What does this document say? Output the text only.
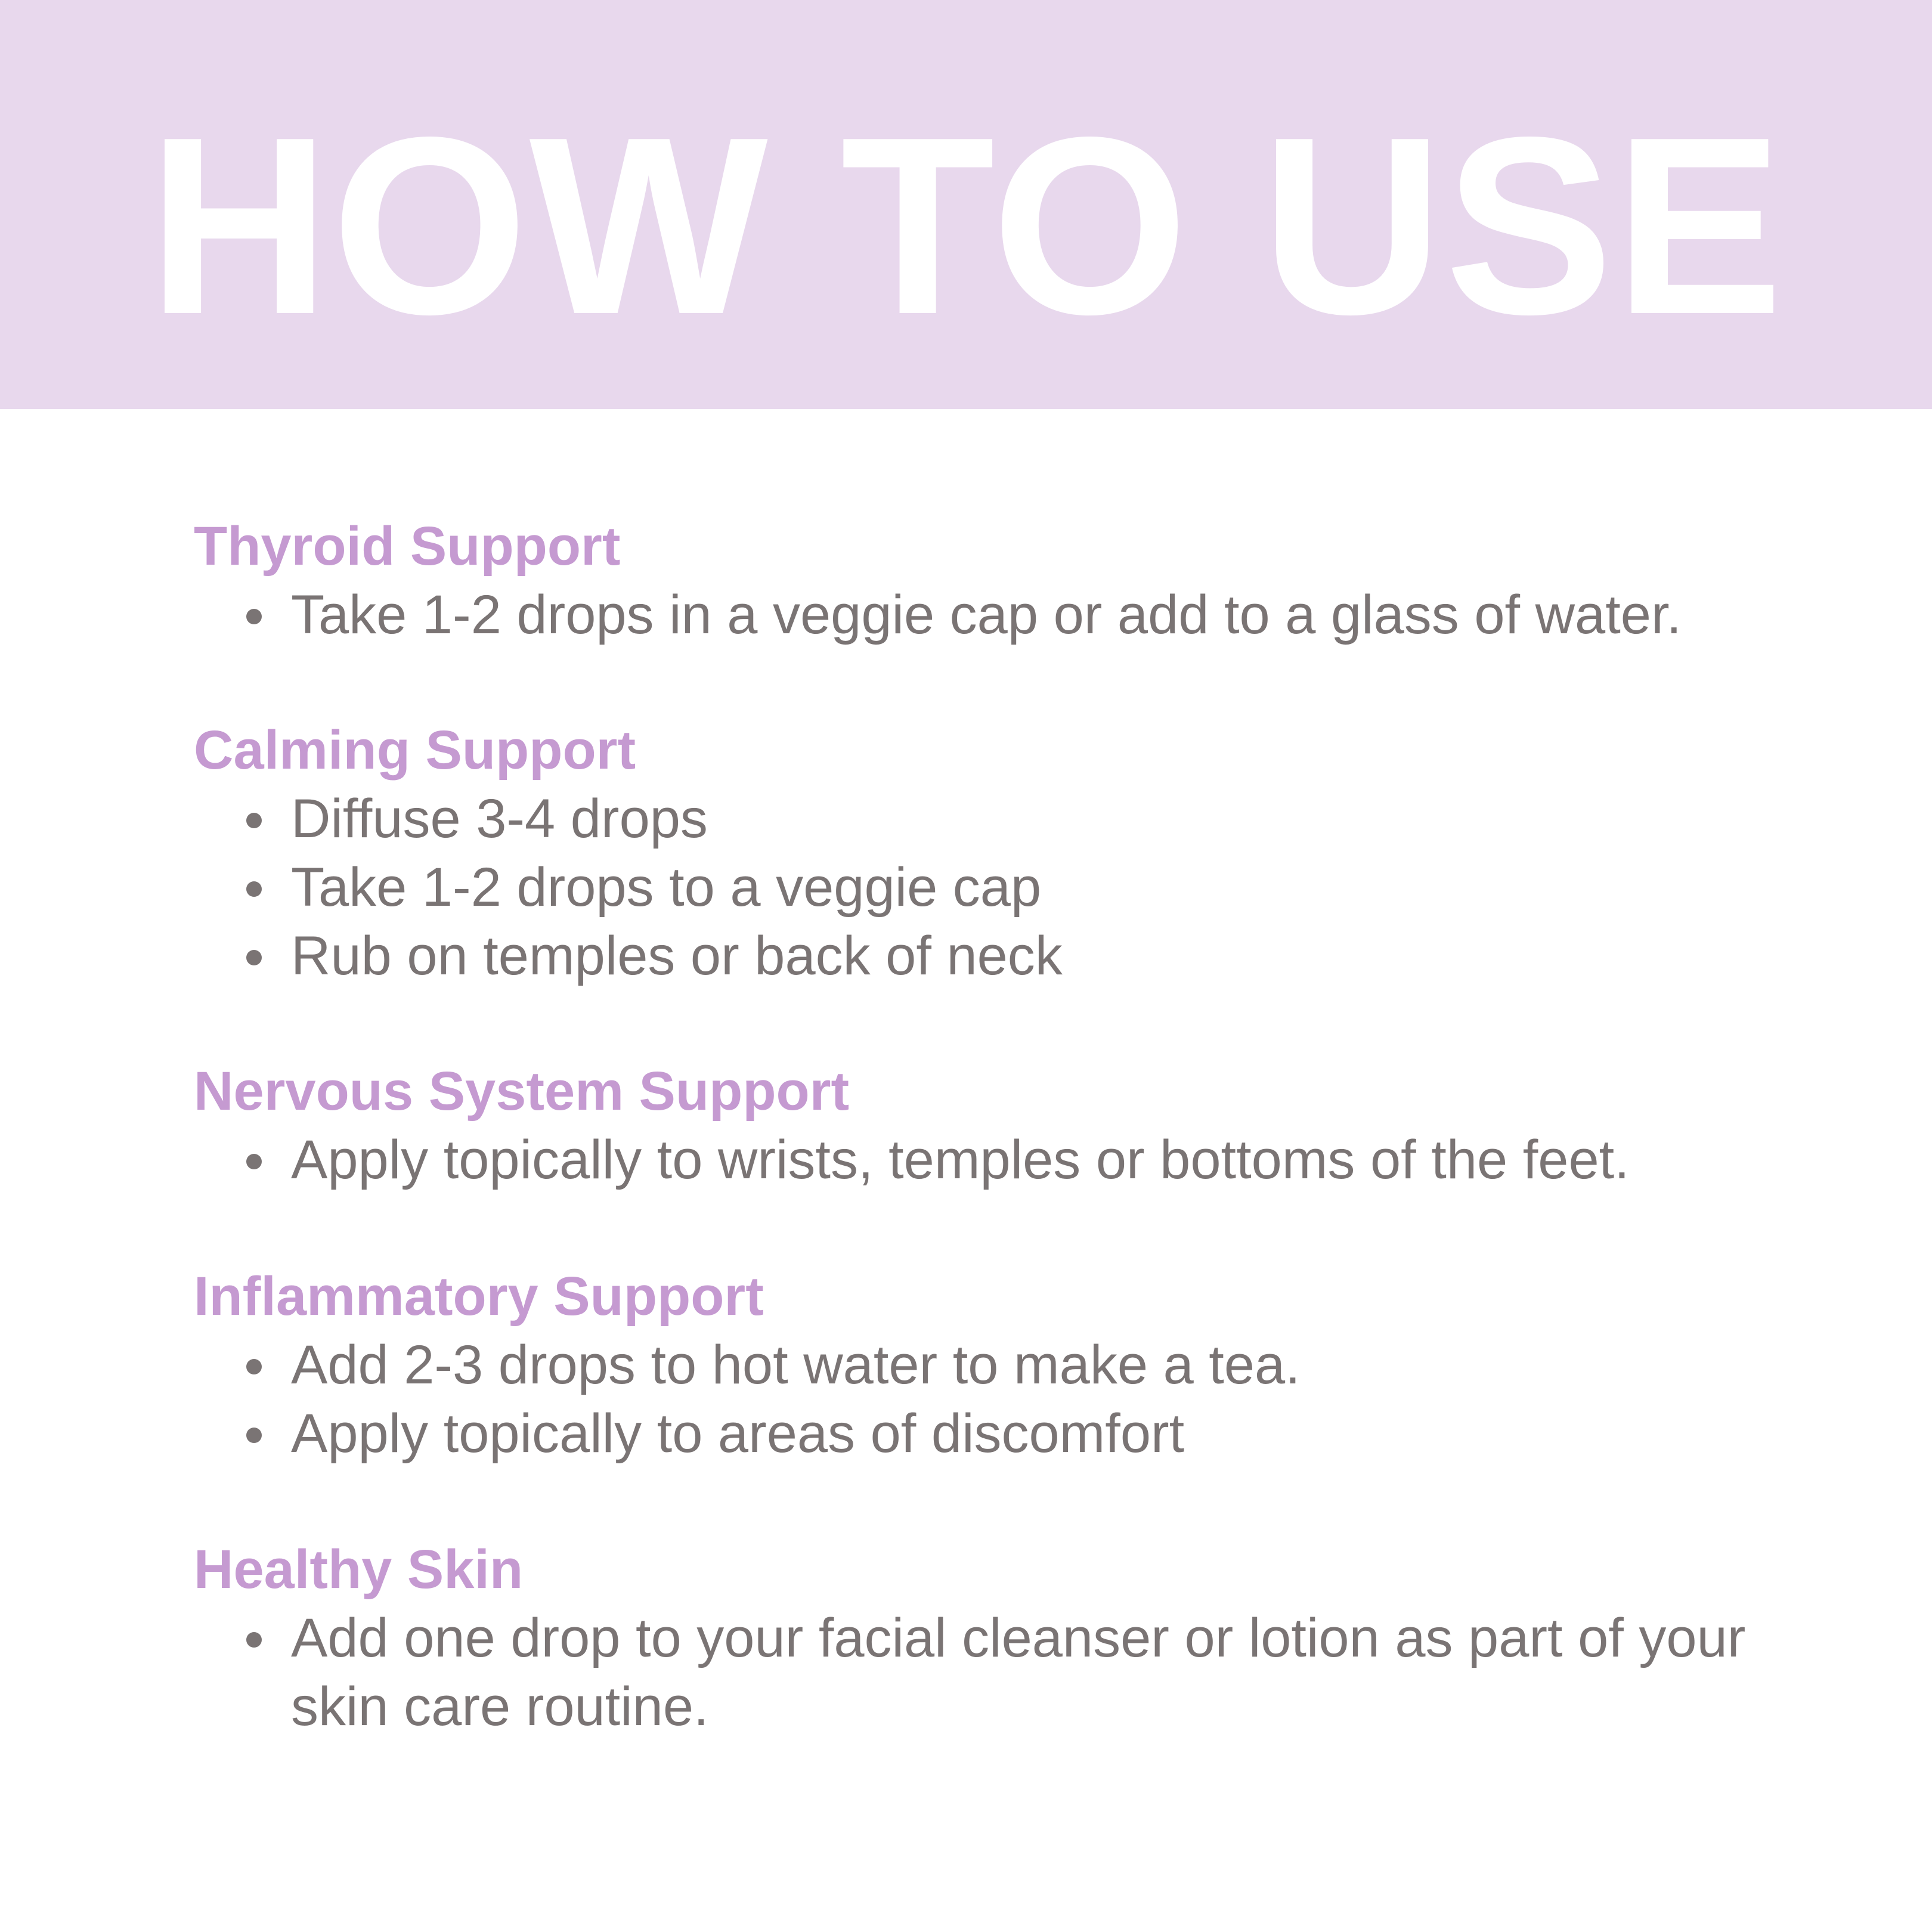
HOW TO USE
Thyroid Support
Take 1-2 drops in a veggie cap or add to a glass of water.
Calming Support
Diffuse 3-4 drops
Take 1-2 drops to a veggie cap
Rub on temples or back of neck
Nervous System Support
Apply topically to wrists, temples or bottoms of the feet.
Inflammatory Support
Add 2-3 drops to hot water to make a tea.
Apply topically to areas of discomfort
Healthy Skin
Add one drop to your facial cleanser or lotion as part of your skin care routine.
